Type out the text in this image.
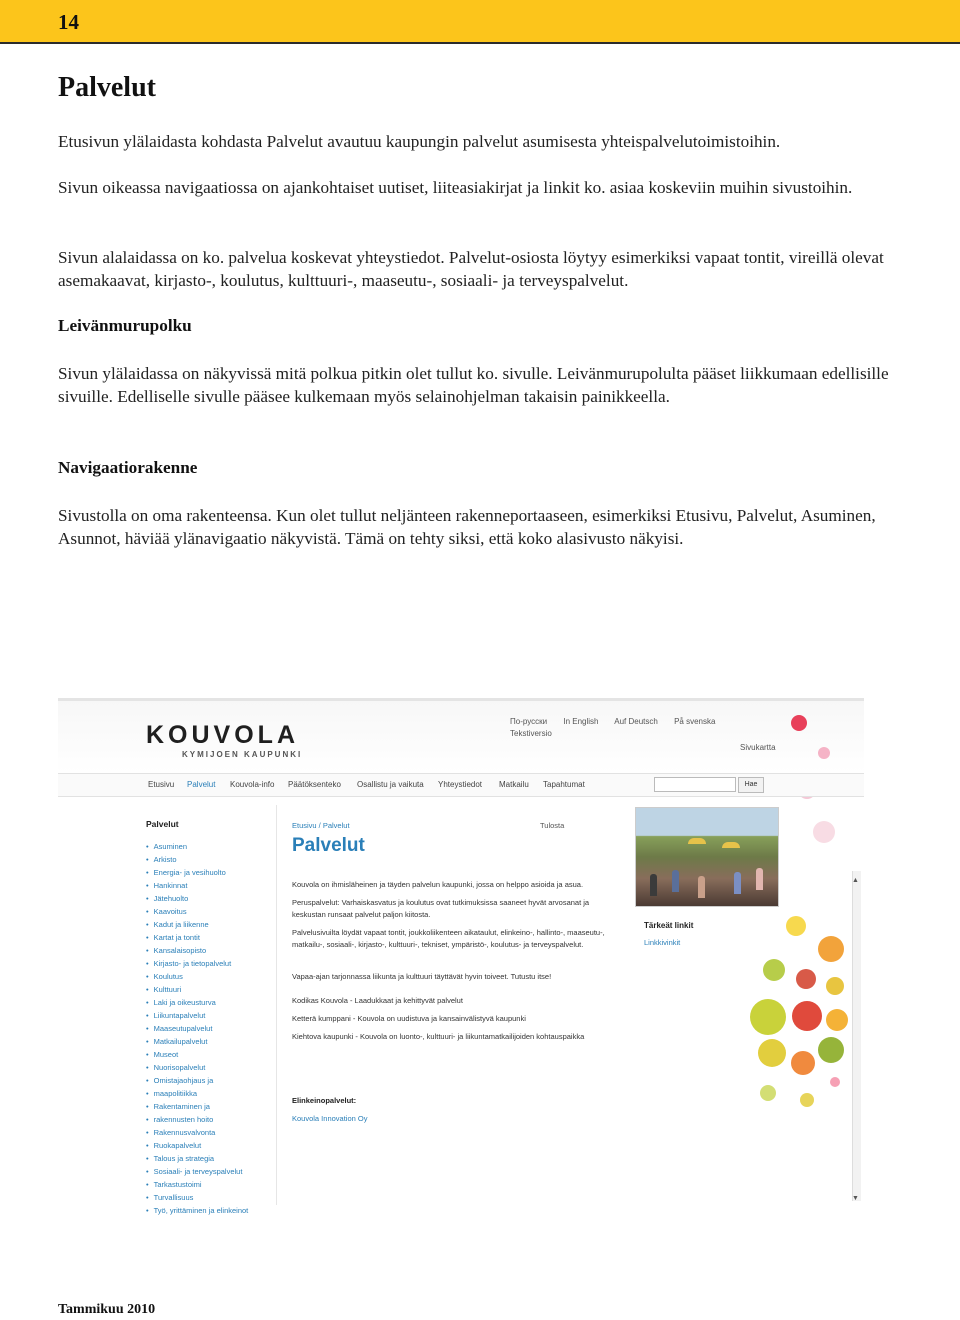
14
Palvelut

Etusivun ylälaidasta kohdasta Palvelut avautuu kaupungin palvelut asumisesta yhteispalvelutoimistoihin.

Sivun oikeassa navigaatiossa on ajankohtaiset uutiset, liiteasiakirjat ja linkit ko. asiaa koskeviin muihin sivustoihin.

Sivun alalaidassa on ko. palvelua koskevat yhteystiedot. Palvelut-osiosta löytyy esimerkiksi vapaat tontit, vireillä olevat asemakaavat, kirjasto-, koulutus, kulttuuri-, maaseutu-, sosiaali- ja terveyspalvelut.

Leivänmurupolku

Sivun ylälaidassa on näkyvissä mitä polkua pitkin olet tullut ko. sivulle. Leivänmurupolulta pääset liikkumaan edellisille sivuille. Edelliselle sivulle pääsee kulkemaan myös selainohjelman takaisin painikkeella.

Navigaatiorakenne

Sivustolla on oma rakenteensa. Kun olet tullut neljänteen rakenneportaaseen, esimerkiksi Etusivu, Palvelut, Asuminen, Asunnot, häviää ylänavigaatio näkyvistä. Tämä on tehty siksi, että koko alasivusto näkyisi.

KOUVOLA
KYMIJOEN KAUPUNKI
По-русски In English Auf Deutsch På svenska
Tekstiversio
Sivukartta
Etusivu Palvelut Kouvola-info Päätöksenteko Osallistu ja vaikuta Yhteystiedot Matkailu Tapahtumat	Hae
Palvelut
• Asuminen
• Arkisto
• Energia- ja vesihuolto
• Hankinnat
• Jätehuolto
• Kaavoitus
• Kadut ja liikenne
• Kartat ja tontit
• Kansalaisopisto
• Kirjasto- ja tietopalvelut
• Koulutus
• Kulttuuri
• Laki ja oikeusturva
• Liikuntapalvelut
• Maaseutupalvelut
• Matkailupalvelut
• Museot
• Nuorisopalvelut
• Omistajaohjaus ja
• maapolitiikka
• Rakentaminen ja
• rakennusten hoito
• Rakennusvalvonta
• Ruokapalvelut
• Talous ja strategia
• Sosiaali- ja terveyspalvelut
• Tarkastustoimi
• Turvallisuus
• Työ, yrittäminen ja elinkeinot
Etusivu / Palvelut	Tulosta
Palvelut

Kouvola on ihmisläheinen ja täyden palvelun kaupunki, jossa on helppo asioida ja asua.

Peruspalvelut: Varhaiskasvatus ja koulutus ovat tutkimuksissa saaneet hyvät arvosanat ja keskustan runsaat palvelut paljon kiitosta.

Palvelusivuilta löydät vapaat tontit, joukkoliikenteen aikataulut, elinkeino-, hallinto-, maaseutu-, matkailu-, sosiaali-, kirjasto-, kulttuuri-, tekniset, ympäristö-, koulutus- ja terveyspalvelut.

Vapaa-ajan tarjonnassa liikunta ja kulttuuri täyttävät hyvin toiveet. Tutustu itse!

Kodikas Kouvola - Laadukkaat ja kehittyvät palvelut

Ketterä kumppani - Kouvola on uudistuva ja kansainvälistyvä kaupunki

Kiehtova kaupunki - Kouvola on luonto-, kulttuuri- ja liikuntamatkailijoiden kohtauspaikka

Elinkeinopalvelut:

Kouvola Innovation Oy

Tärkeät linkit
Linkkivinkit
▲
▼
Tammikuu 2010
